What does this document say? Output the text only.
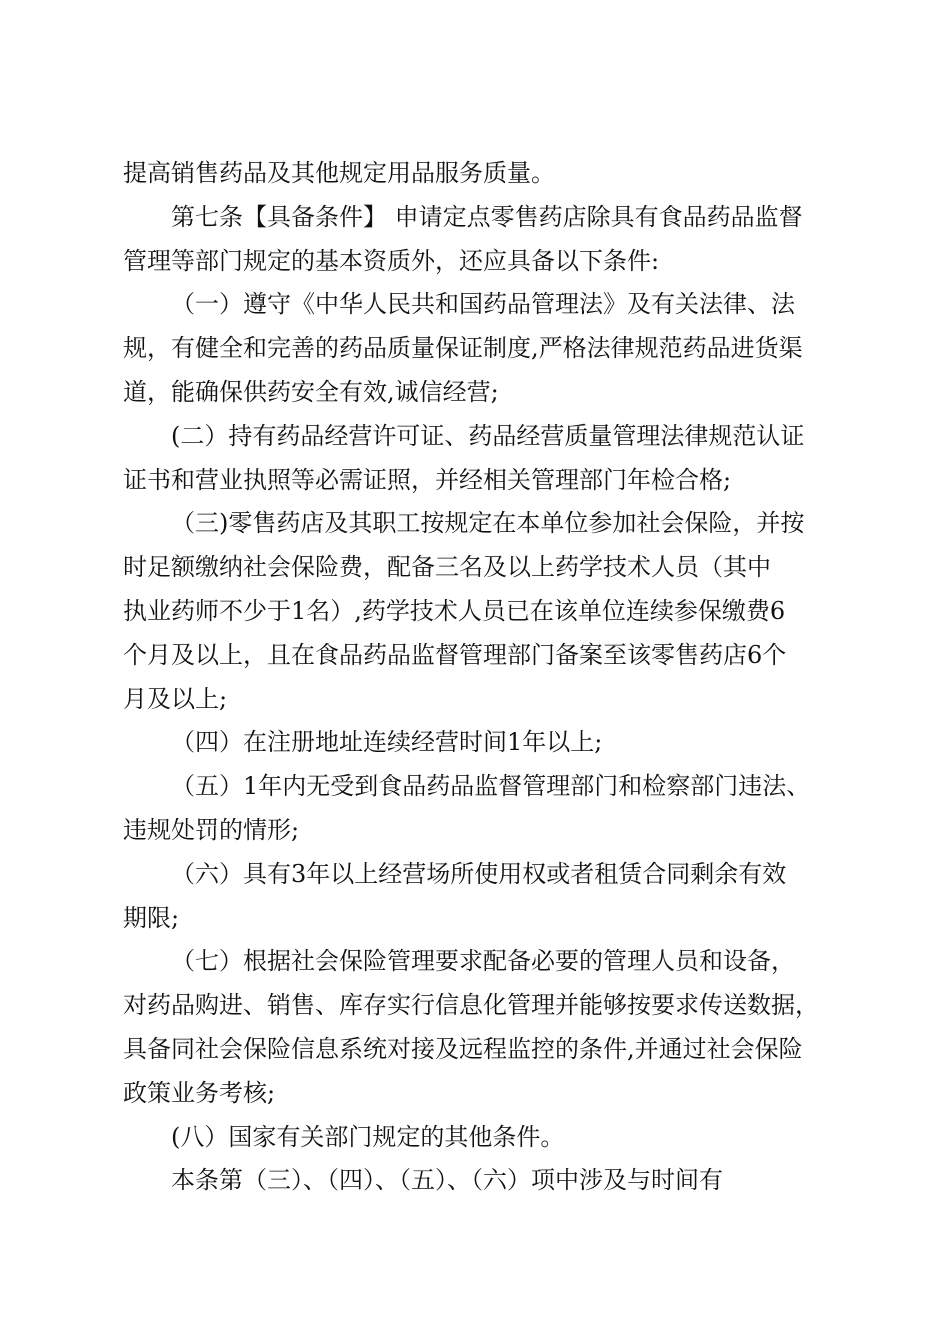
提高销售药品及其他规定用品服务质量。
第七条【具备条件】 申请定点零售药店除具有食品药品监督
管理等部门规定的基本资质外，还应具备以下条件:
（一）遵守《中华人民共和国药品管理法》及有关法律、法
规，有健全和完善的药品质量保证制度,严格法律规范药品进货渠
道，能确保供药安全有效,诚信经营;
(二）持有药品经营许可证、药品经营质量管理法律规范认证
证书和营业执照等必需证照，并经相关管理部门年检合格;
（三)零售药店及其职工按规定在本单位参加社会保险，并按
时足额缴纳社会保险费，配备三名及以上药学技术人员（其中
执业药师不少于1名）,药学技术人员已在该单位连续参保缴费6
个月及以上，且在食品药品监督管理部门备案至该零售药店6个
月及以上;
（四）在注册地址连续经营时间1年以上;
（五）1年内无受到食品药品监督管理部门和检察部门违法、
违规处罚的情形;
（六）具有3年以上经营场所使用权或者租赁合同剩余有效
期限;
（七）根据社会保险管理要求配备必要的管理人员和设备，
对药品购进、销售、库存实行信息化管理并能够按要求传送数据，
具备同社会保险信息系统对接及远程监控的条件,并通过社会保险
政策业务考核;
(八）国家有关部门规定的其他条件。
本条第（三）、（四）、（五）、（六）项中涉及与时间有
